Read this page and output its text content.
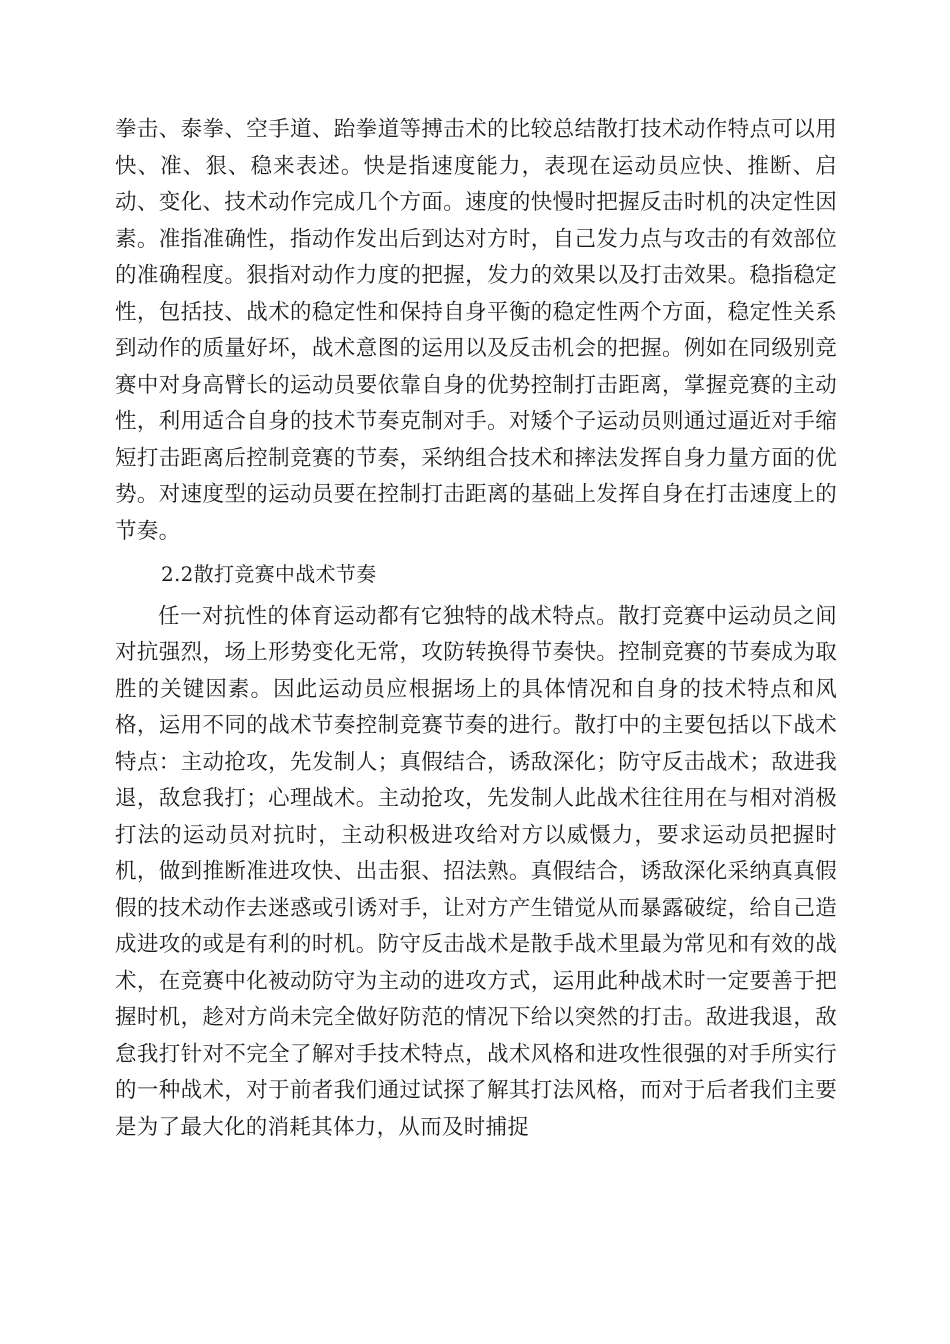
拳击、泰拳、空手道、跆拳道等搏击术的比较总结散打技术动作特点可以用快、准、狠、稳来表述。快是指速度能力，表现在运动员应快、推断、启动、变化、技术动作完成几个方面。速度的快慢时把握反击时机的决定性因素。准指准确性，指动作发出后到达对方时，自己发力点与攻击的有效部位的准确程度。狠指对动作力度的把握，发力的效果以及打击效果。稳指稳定性，包括技、战术的稳定性和保持自身平衡的稳定性两个方面，稳定性关系到动作的质量好坏，战术意图的运用以及反击机会的把握。例如在同级别竞赛中对身高臂长的运动员要依靠自身的优势控制打击距离，掌握竞赛的主动性，利用适合自身的技术节奏克制对手。对矮个子运动员则通过逼近对手缩短打击距离后控制竞赛的节奏，采纳组合技术和摔法发挥自身力量方面的优势。对速度型的运动员要在控制打击距离的基础上发挥自身在打击速度上的节奏。

2.2散打竞赛中战术节奏

任一对抗性的体育运动都有它独特的战术特点。散打竞赛中运动员之间对抗强烈，场上形势变化无常，攻防转换得节奏快。控制竞赛的节奏成为取胜的关键因素。因此运动员应根据场上的具体情况和自身的技术特点和风格，运用不同的战术节奏控制竞赛节奏的进行。散打中的主要包括以下战术特点：主动抢攻，先发制人；真假结合，诱敌深化；防守反击战术；敌进我退，敌怠我打；心理战术。主动抢攻，先发制人此战术往往用在与相对消极打法的运动员对抗时，主动积极进攻给对方以威慑力，要求运动员把握时机，做到推断准进攻快、出击狠、招法熟。真假结合，诱敌深化采纳真真假假的技术动作去迷惑或引诱对手，让对方产生错觉从而暴露破绽，给自己造成进攻的或是有利的时机。防守反击战术是散手战术里最为常见和有效的战术，在竞赛中化被动防守为主动的进攻方式，运用此种战术时一定要善于把握时机，趁对方尚未完全做好防范的情况下给以突然的打击。敌进我退，敌怠我打针对不完全了解对手技术特点，战术风格和进攻性很强的对手所实行的一种战术，对于前者我们通过试探了解其打法风格，而对于后者我们主要是为了最大化的消耗其体力，从而及时捕捉
